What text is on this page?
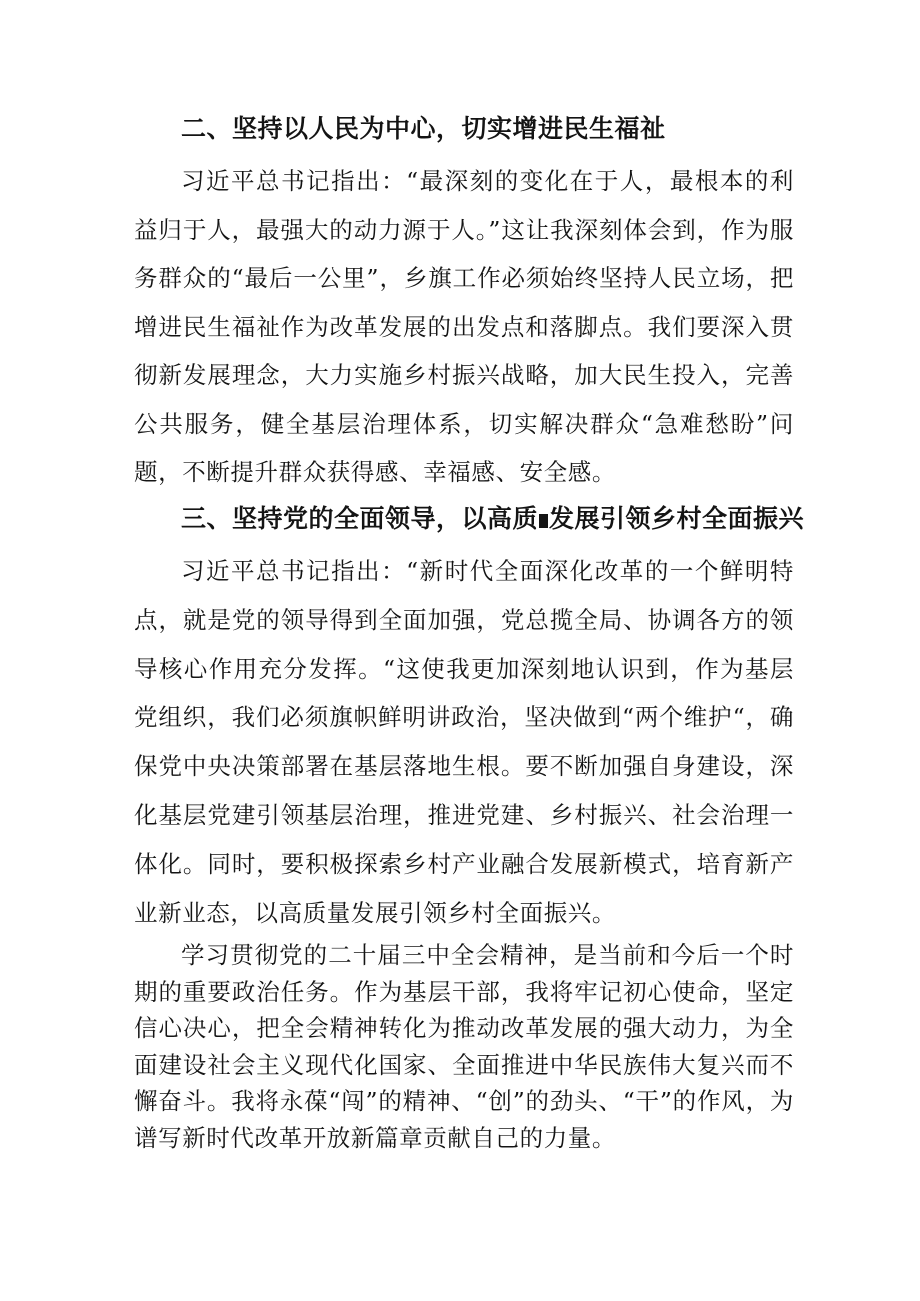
二、坚持以人民为中心，切实增进民生福祉

习近平总书记指出：“最深刻的变化在于人，最根本的利益归于人，最强大的动力源于人。”这让我深刻体会到，作为服务群众的“最后一公里”，乡旗工作必须始终坚持人民立场，把增进民生福祉作为改革发展的出发点和落脚点。我们要深入贯彻新发展理念，大力实施乡村振兴战略，加大民生投入，完善公共服务，健全基层治理体系，切实解决群众“急难愁盼”问题，不断提升群众获得感、幸福感、安全感。

三、坚持党的全面领导，以高质 发展引领乡村全面振兴

习近平总书记指出：“新时代全面深化改革的一个鲜明特点，就是党的领导得到全面加强，党总揽全局、协调各方的领导核心作用充分发挥。“这使我更加深刻地认识到，作为基层党组织，我们必须旗帜鲜明讲政治，坚决做到“两个维护“，确保党中央决策部署在基层落地生根。要不断加强自身建设，深化基层党建引领基层治理，推进党建、乡村振兴、社会治理一体化。同时，要积极探索乡村产业融合发展新模式，培育新产业新业态，以高质量发展引领乡村全面振兴。

学习贯彻党的二十届三中全会精神，是当前和今后一个时期的重要政治任务。作为基层干部，我将牢记初心使命，坚定信心决心，把全会精神转化为推动改革发展的强大动力，为全面建设社会主义现代化国家、全面推进中华民族伟大复兴而不懈奋斗。我将永葆“闯”的精神、“创”的劲头、“干”的作风，为谱写新时代改革开放新篇章贡献自己的力量。
